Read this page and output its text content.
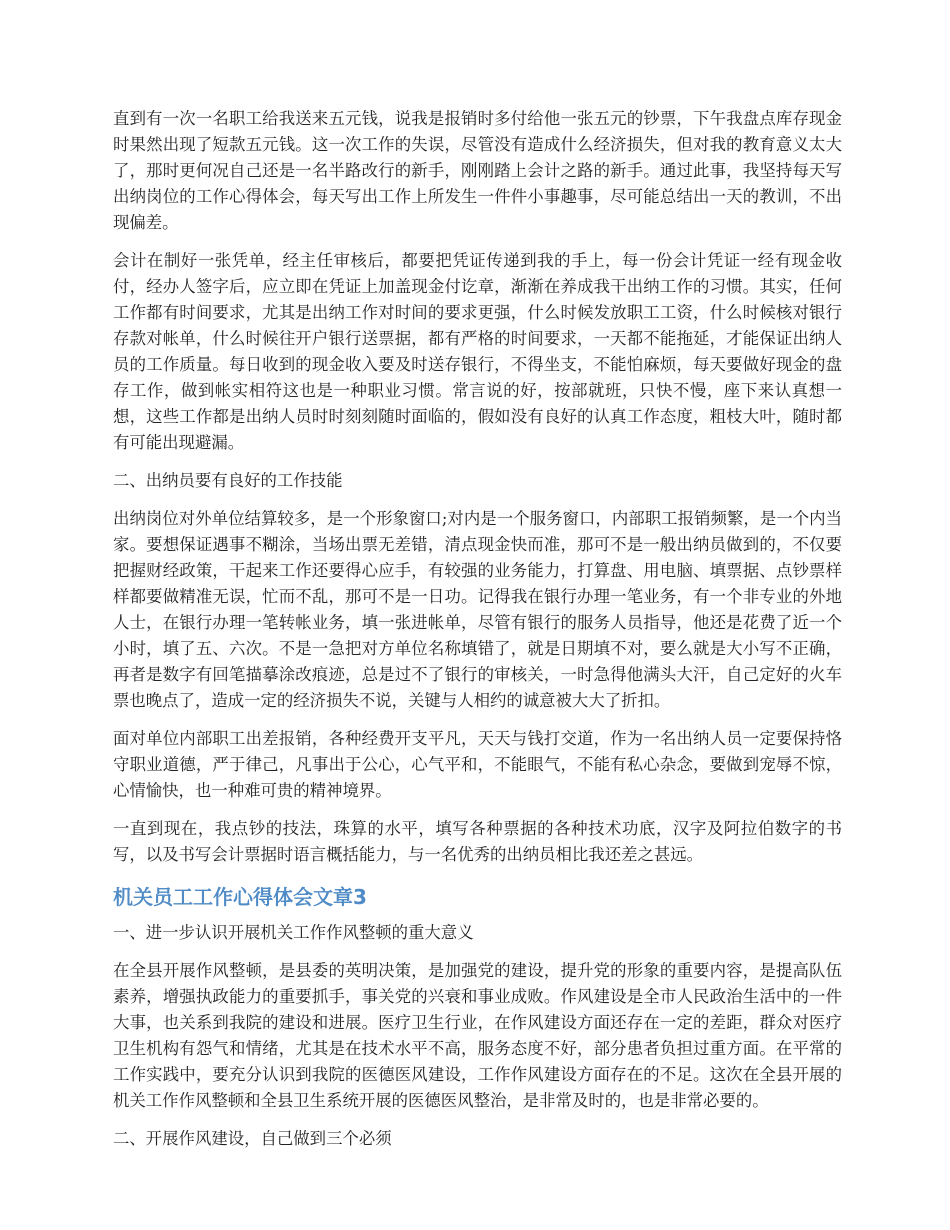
直到有一次一名职工给我送来五元钱，说我是报销时多付给他一张五元的钞票，下午我盘点库存现金时果然出现了短款五元钱。这一次工作的失误，尽管没有造成什么经济损失，但对我的教育意义太大了，那时更何况自己还是一名半路改行的新手，刚刚踏上会计之路的新手。通过此事，我坚持每天写出纳岗位的工作心得体会，每天写出工作上所发生一件件小事趣事，尽可能总结出一天的教训，不出现偏差。

会计在制好一张凭单，经主任审核后，都要把凭证传递到我的手上，每一份会计凭证一经有现金收付，经办人签字后，应立即在凭证上加盖现金付讫章，渐渐在养成我干出纳工作的习惯。其实，任何工作都有时间要求，尤其是出纳工作对时间的要求更强，什么时候发放职工工资，什么时候核对银行存款对帐单，什么时候往开户银行送票据，都有严格的时间要求，一天都不能拖延，才能保证出纳人员的工作质量。每日收到的现金收入要及时送存银行，不得坐支，不能怕麻烦，每天要做好现金的盘存工作，做到帐实相符这也是一种职业习惯。常言说的好，按部就班，只快不慢，座下来认真想一想，这些工作都是出纳人员时时刻刻随时面临的，假如没有良好的认真工作态度，粗枝大叶，随时都有可能出现避漏。

二、出纳员要有良好的工作技能

出纳岗位对外单位结算较多，是一个形象窗口;对内是一个服务窗口，内部职工报销频繁，是一个内当家。要想保证遇事不糊涂，当场出票无差错，清点现金快而准，那可不是一般出纳员做到的，不仅要把握财经政策，干起来工作还要得心应手，有较强的业务能力，打算盘、用电脑、填票据、点钞票样样都要做精准无误，忙而不乱，那可不是一日功。记得我在银行办理一笔业务，有一个非专业的外地人士，在银行办理一笔转帐业务，填一张进帐单，尽管有银行的服务人员指导，他还是花费了近一个小时，填了五、六次。不是一急把对方单位名称填错了，就是日期填不对，要么就是大小写不正确，再者是数字有回笔描摹涂改痕迹，总是过不了银行的审核关，一时急得他满头大汗，自己定好的火车票也晚点了，造成一定的经济损失不说，关键与人相约的诚意被大大了折扣。

面对单位内部职工出差报销，各种经费开支平凡，天天与钱打交道，作为一名出纳人员一定要保持恪守职业道德，严于律己，凡事出于公心，心气平和，不能眼气，不能有私心杂念，要做到宠辱不惊，心情愉快，也一种难可贵的精神境界。

一直到现在，我点钞的技法，珠算的水平，填写各种票据的各种技术功底，汉字及阿拉伯数字的书写，以及书写会计票据时语言概括能力，与一名优秀的出纳员相比我还差之甚远。

机关员工工作心得体会文章3

一、进一步认识开展机关工作作风整顿的重大意义

在全县开展作风整顿，是县委的英明决策，是加强党的建设，提升党的形象的重要内容，是提高队伍素养，增强执政能力的重要抓手，事关党的兴衰和事业成败。作风建设是全市人民政治生活中的一件大事，也关系到我院的建设和进展。医疗卫生行业，在作风建设方面还存在一定的差距，群众对医疗卫生机构有怨气和情绪，尤其是在技术水平不高，服务态度不好，部分患者负担过重方面。在平常的工作实践中，要充分认识到我院的医德医风建设，工作作风建设方面存在的不足。这次在全县开展的机关工作作风整顿和全县卫生系统开展的医德医风整治，是非常及时的，也是非常必要的。

二、开展作风建设，自己做到三个必须
